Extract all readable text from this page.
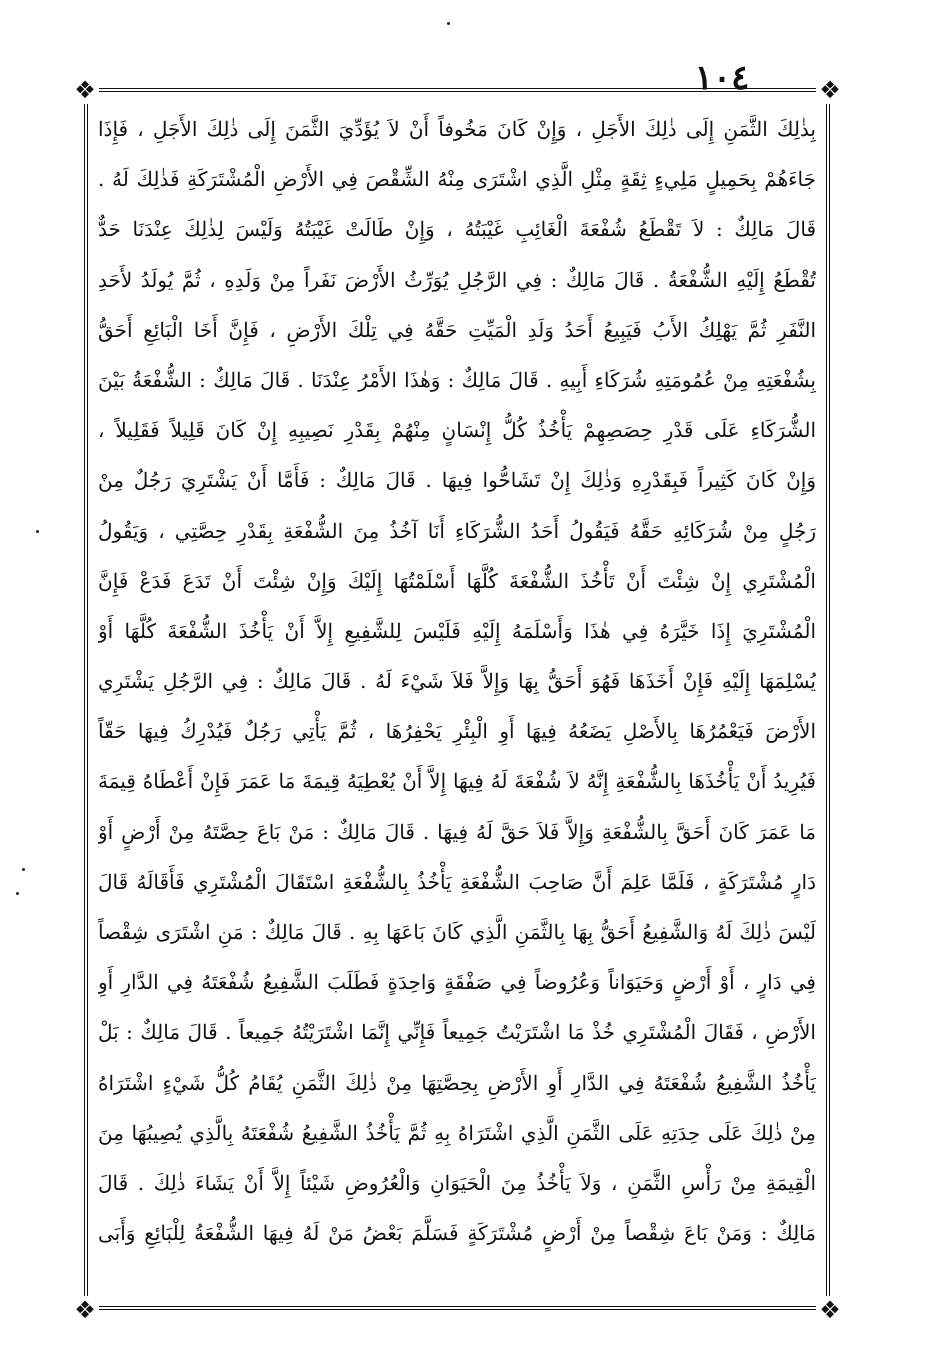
١٠٤
❖	❖
❖	❖
بِذٰلِكَ الثَّمَنِ إِلَى ذٰلِكَ الأَجَلِ ، وَإِنْ كَانَ مَخُوفاً أَنْ لاَ يُؤَدِّيَ الثَّمَنَ إِلَى ذٰلِكَ الأَجَلِ ، فَإِذَا
جَاءَهُمْ بِحَمِيلٍ مَلِيءٍ ثِقَةٍ مِثْلِ الَّذِي اشْتَرَى مِنْهُ الشِّقْصَ فِي الأَرْضِ الْمُشْتَرَكَةِ فَذٰلِكَ لَهُ .
قَالَ مَالِكٌ : لاَ تَقْطَعُ شُفْعَةَ الْغَائِبِ غَيْبَتُهُ ، وَإِنْ طَالَتْ غَيْبَتُهُ وَلَيْسَ لِذٰلِكَ عِنْدَنَا حَدٌّ
تُقْطَعُ إِلَيْهِ الشُّفْعَةُ . قَالَ مَالِكٌ : فِي الرَّجُلِ يُوَرِّثُ الأَرْضَ نَفَراً مِنْ وَلَدِهِ ، ثُمَّ يُولَدُ لأَحَدِ
النَّفَرِ ثُمَّ يَهْلِكُ الأَبُ فَيَبِيعُ أَحَدُ وَلَدِ الْمَيِّتِ حَقَّهُ فِي تِلْكَ الأَرْضِ ، فَإِنَّ أَخَا الْبَائِعِ أَحَقُّ
بِشُفْعَتِهِ مِنْ عُمُومَتِهِ شُرَكَاءِ أَبِيهِ . قَالَ مَالِكٌ : وَهٰذَا الأَمْرُ عِنْدَنَا . قَالَ مَالِكٌ : الشُّفْعَةُ بَيْنَ
الشُّرَكَاءِ عَلَى قَدْرِ حِصَصِهِمْ يَأْخُذُ كُلُّ إِنْسَانٍ مِنْهُمْ بِقَدْرِ نَصِيبِهِ إِنْ كَانَ قَلِيلاً فَقَلِيلاً ،
وَإِنْ كَانَ كَثِيراً فَبِقَدْرِهِ وَذٰلِكَ إِنْ تَشَاحُّوا فِيهَا . قَالَ مَالِكٌ : فَأَمَّا أَنْ يَشْتَرِيَ رَجُلٌ مِنْ
رَجُلٍ مِنْ شُرَكَائِهِ حَقَّهُ فَيَقُولُ أَحَدُ الشُّرَكَاءِ أَنَا آخُذُ مِنَ الشُّفْعَةِ بِقَدْرِ حِصَّتِي ، وَيَقُولُ
الْمُشْتَرِي إِنْ شِئْتَ أَنْ تَأْخُذَ الشُّفْعَةَ كُلَّهَا أَسْلَمْتُهَا إِلَيْكَ وَإِنْ شِئْتَ أَنْ تَدَعَ فَدَعْ فَإِنَّ
الْمُشْتَرِيَ إِذَا خَيَّرَهُ فِي هٰذَا وَأَسْلَمَهُ إِلَيْهِ فَلَيْسَ لِلشَّفِيعِ إِلاَّ أَنْ يَأْخُذَ الشُّفْعَةَ كُلَّهَا أَوْ
يُسْلِمَهَا إِلَيْهِ فَإِنْ أَخَذَهَا فَهُوَ أَحَقُّ بِهَا وَإِلاَّ فَلاَ شَيْءَ لَهُ . قَالَ مَالِكٌ : فِي الرَّجُلِ يَشْتَرِي
الأَرْضَ فَيَعْمُرُهَا بِالأَصْلِ يَضَعُهُ فِيهَا أَوِ الْبِئْرِ يَحْفِرُهَا ، ثُمَّ يَأْتِي رَجُلٌ فَيُدْرِكُ فِيهَا حَقّاً
فَيُرِيدُ أَنْ يَأْخُذَهَا بِالشُّفْعَةِ إِنَّهُ لاَ شُفْعَةَ لَهُ فِيهَا إِلاَّ أَنْ يُعْطِيَهُ قِيمَةَ مَا عَمَرَ فَإِنْ أَعْطَاهُ قِيمَةَ
مَا عَمَرَ كَانَ أَحَقَّ بِالشُّفْعَةِ وَإِلاَّ فَلاَ حَقَّ لَهُ فِيهَا . قَالَ مَالِكٌ : مَنْ بَاعَ حِصَّتَهُ مِنْ أَرْضٍ أَوْ
دَارٍ مُشْتَرَكَةٍ ، فَلَمَّا عَلِمَ أَنَّ صَاحِبَ الشُّفْعَةِ يَأْخُذُ بِالشُّفْعَةِ اسْتَقَالَ الْمُشْتَرِي فَأَقَالَهُ قَالَ
لَيْسَ ذٰلِكَ لَهُ وَالشَّفِيعُ أَحَقُّ بِهَا بِالثَّمَنِ الَّذِي كَانَ بَاعَهَا بِهِ . قَالَ مَالِكٌ : مَنِ اشْتَرَى شِقْصاً
فِي دَارٍ ، أَوْ أَرْضٍ وَحَيَوَاناً وَعُرُوضاً فِي صَفْقَةٍ وَاحِدَةٍ فَطَلَبَ الشَّفِيعُ شُفْعَتَهُ فِي الدَّارِ أَوِ
الأَرْضِ ، فَقَالَ الْمُشْتَرِي خُذْ مَا اشْتَرَيْتُ جَمِيعاً فَإِنِّي إِنَّمَا اشْتَرَيْتُهُ جَمِيعاً . قَالَ مَالِكٌ : بَلْ
يَأْخُذُ الشَّفِيعُ شُفْعَتَهُ فِي الدَّارِ أَوِ الأَرْضِ بِحِصَّتِهَا مِنْ ذٰلِكَ الثَّمَنِ يُقَامُ كُلُّ شَيْءٍ اشْتَرَاهُ
مِنْ ذٰلِكَ عَلَى حِدَتِهِ عَلَى الثَّمَنِ الَّذِي اشْتَرَاهُ بِهِ ثُمَّ يَأْخُذُ الشَّفِيعُ شُفْعَتَهُ بِالَّذِي يُصِيبُهَا مِنَ
الْقِيمَةِ مِنْ رَأْسِ الثَّمَنِ ، وَلاَ يَأْخُذُ مِنَ الْحَيَوَانِ وَالْعُرُوضِ شَيْئاً إِلاَّ أَنْ يَشَاءَ ذٰلِكَ . قَالَ
مَالِكٌ : وَمَنْ بَاعَ شِقْصاً مِنْ أَرْضٍ مُشْتَرَكَةٍ فَسَلَّمَ بَعْضُ مَنْ لَهُ فِيهَا الشُّفْعَةُ لِلْبَائِعِ وَأَبَى
